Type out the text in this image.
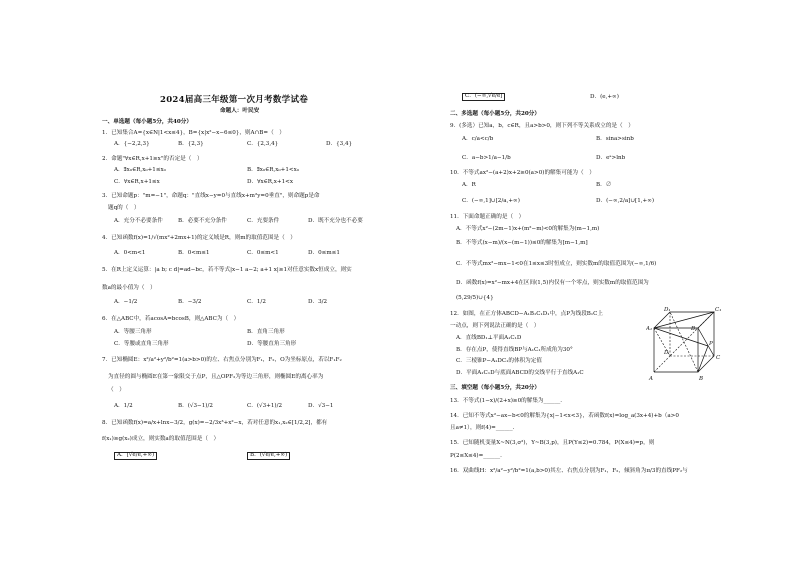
2024届高三年级第一次月考数学试卷
命题人：叶民安
一、单选题（每小题5分，共40分）
1．已知集合A={x∈N|1<x≤4}，B={x|x²−x−6≤0}，则A∩B=（　）
A．{−2,2,3}	B．{2,3}	C．{2,3,4}	D．{3,4}
2．命题"∀x∈R,x+1≥x"的否定是（　）
A．∃x₀∈R,x₀+1≤x₀	B．∃x₀∈R,x₀+1<x₀
C．∀x∈R,x+1≤x	D．∀x∈R,x+1<x
3．已知命题p："m=−1"，命题q："直线x−y=0与直线x+m²y=0垂直"，则命题p是命
题q的（　）
A．充分不必要条件	B．必要不充分条件	C．充要条件	D．既不充分也不必要
4．已知函数f(x)=1/√(mx²+2mx+1)的定义域是R，则m的取值范围是（　）
A．0<m<1	B．0<m≤1	C．0≤m<1	D．0≤m≤1
5．在R上定义运算：|a b; c d|=ad−bc，若不等式|x−1 a−2; a+1 x|≥1对任意实数x恒成立，则实
数a的最小值为（　）
A．−1/2	B．−3/2	C．1/2	D．3/2
6．在△ABC中，若acosA=bcosB，则△ABC为（　）
A．等腰三角形	B．直角三角形
C．等腰或直角三角形	D．等腰直角三角形
7．已知椭圆E：x²/a²+y²/b²=1(a>b>0)的左、右焦点分别为F₁，F₂，O为坐标原点，若以F₁F₂
为直径的圆与椭圆E在第一象限交于点P，且△OPF₂为等边三角形，则椭圆E的离心率为
（　）
A．1/2	B．(√3−1)/2	C．(√3+1)/2	D．√3−1
8．已知函数f(x)=a/x+lnx−3/2，g(x)=−2/3x³+x²−x，若对任意的x₁,x₂∈[1/2,2]，都有
f(x₁)≥g(x₂)成立，则实数a的取值范围是（　）
A．[√e/e,+∞)	B．(√e/e,+∞)
C．(−∞,√e/e]	D．(e,+∞)
二、多选题（每小题5分，共20分）
9．(多选）已知a，b，c∈R，且a>b>0，则下列不等关系成立的是（　）
A．c/a<c/b	B．sina>sinb
C．a−b>1/a−1/b	D．eᵃ>lnb
10．不等式ax²−(a+2)x+2≥0(a>0)的解集可能为（　）
A．R	B．∅
C．(−∞,1]∪[2/a,+∞)	D．(−∞,2/a]∪[1,+∞)
11．下面命题正确的是（　）
A．不等式x²−(2m−1)x+(m²−m)<0的解集为(m−1,m)
B．不等式(x−m)/(x−(m−1))≤0的解集为[m−1,m]
C．不等式mx²−mx−1<0在1≤x≤3时恒成立，则实数m的取值范围为(−∞,1/6)
D．函数f(x)=x²−mx+4在区间(1,5)内仅有一个零点，则实数m的取值范围为
(5,29/5)∪{4}
12．如图，在正方体ABCD−A₁B₁C₁D₁中，点P为线段B₁C上
一动点，则下列说法正确的是（　）
A．直线BD₁⊥平面A₁C₁D
B．存在点P，使得直线BP与A₁C₁所成角为30°
C．三棱锥P−A₁DC₁的体积为定值
D．平面A₁C₁D与底面ABCD的交线平行于直线A₁C
D₁	C₁
A₁	B₁
D
C
A	B
P
三、填空题（每小题5分，共20分）
13．不等式(1−x)/(2+x)≥0的解集为______.
14．已知不等式x²−ax−b<0的解集为{x|−1<x<3}，若函数f(x)=log_a(3x+4)+b（a>0
且a≠1），则f(4)=______.
15．已知随机变量X~N(3,σ²)，Y~B(3,p)，且P(Y≤2)=0.784，P(X≤4)=p，则
P(2≤X≤4)=______.
16．双曲线H：x²/a²−y²/b²=1(a,b>0)其左、右焦点分别为F₁，F₂，倾斜角为π/3的直线PF₂与
